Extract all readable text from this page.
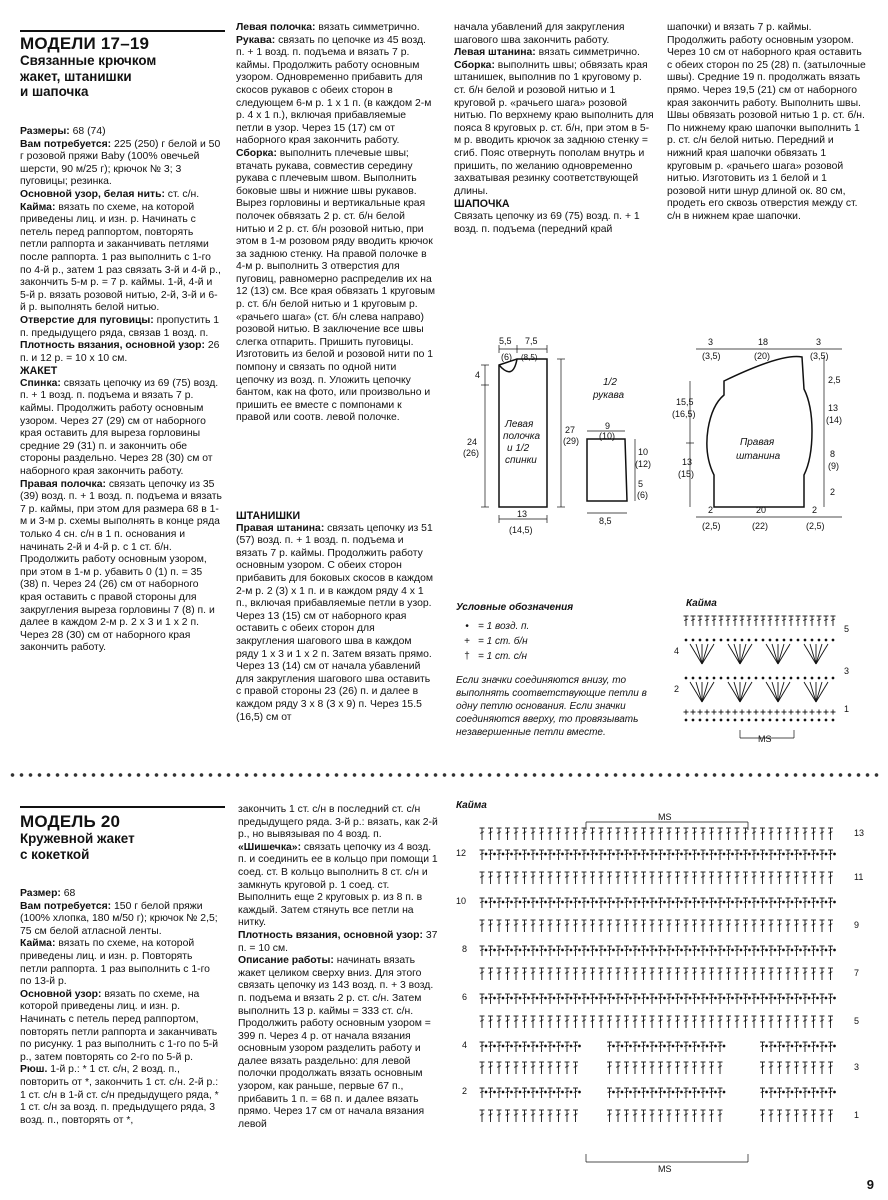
МОДЕЛИ 17–19
Связанные крючком
жакет, штанишки
и шапочка

Размеры: 68 (74)

Вам потребуется: 225 (250) г белой и 50 г розовой пряжи Baby (100% овечьей шерсти, 90 м/25 г); крючок № 3; 3 пуговицы; резинка.

Основной узор, белая нить: ст. с/н.

Кайма: вязать по схеме, на которой приведены лиц. и изн. р. Начинать с петель перед раппортом, повторять петли раппорта и заканчивать петлями после раппорта. 1 раз выполнить с 1-го по 4-й р., затем 1 раз связать 3-й и 4-й р., закончить 5-м р. = 7 р. каймы. 1-й, 4-й и 5-й р. вязать розовой нитью, 2-й, 3-й и 6-й р. выполнять белой нитью.

Отверстие для пуговицы: пропустить 1 п. предыдущего ряда, связав 1 возд. п.

Плотность вязания, основной узор: 26 п. и 12 р. = 10 х 10 см.

ЖАКЕТ

Спинка: связать цепочку из 69 (75) возд. п. + 1 возд. п. подъема и вязать 7 р. каймы. Продолжить работу основным узором. Через 27 (29) см от наборного края оставить для выреза горловины средние 29 (31) п. и закончить обе стороны раздельно. Через 28 (30) см от наборного края закончить работу.

Правая полочка: связать цепочку из 35 (39) возд. п. + 1 возд. п. подъема и вязать 7 р. каймы, при этом для размера 68 в 1-м и 3-м р. схемы выполнять в конце ряда только 4 сн. с/н в 1 п. основания и начинать 2-й и 4-й р. с 1 ст. б/н. Продолжить работу основным узором, при этом в 1-м р. убавить 0 (1) п. = 35 (38) п. Через 24 (26) см от наборного края оставить с правой стороны для закругления выреза горловины 7 (8) п. и далее в каждом 2-м р. 2 х 3 и 1 х 2 п. Через 28 (30) см от наборного края закончить работу.

Левая полочка: вязать симметрично.

Рукава: связать по цепочке из 45 возд. п. + 1 возд. п. подъема и вязать 7 р. каймы. Продолжить работу основным узором. Одновременно прибавить для скосов рукавов с обеих сторон в следующем 6-м р. 1 х 1 п. (в каждом 2-м р. 4 х 1 п.), включая прибавляемые петли в узор. Через 15 (17) см от наборного края закончить работу.

Сборка: выполнить плечевые швы; втачать рукава, совместив середину рукава с плечевым швом. Выполнить боковые швы и нижние швы рукавов. Вырез горловины и вертикальные края полочек обвязать 2 р. ст. б/н белой нитью и 2 р. ст. б/н розовой нитью, при этом в 1-м розовом ряду вводить крючок за заднюю стенку. На правой полочке в 4-м р. выполнить 3 отверстия для пуговиц, равномерно распределив их на 12 (13) см. Все края обвязать 1 круговым р. ст. б/н белой нитью и 1 круговым р. «рачьего шага» (ст. б/н слева направо) розовой нитью. В заключение все швы слегка отпарить. Пришить пуговицы. Изготовить из белой и розовой нити по 1 помпону и связать по одной нити цепочку из возд. п. Уложить цепочку бантом, как на фото, или произвольно и пришить ее вместе с помпонами к правой или соотв. левой полочке.

ШТАНИШКИ

Правая штанина: связать цепочку из 51 (57) возд. п. + 1 возд. п. подъема и вязать 7 р. каймы. Продолжить работу основным узором. С обеих сторон прибавить для боковых скосов в каждом 2-м р. 2 (3) х 1 п. и в каждом ряду 4 х 1 п., включая прибавляемые петли в узор. Через 13 (15) см от наборного края оставить с обеих сторон для закругления шагового шва в каждом ряду 1 х 3 и 1 х 2 п. Затем вязать прямо. Через 13 (14) см от начала убавлений для закругления шагового шва оставить с правой стороны 23 (26) п. и далее в каждом ряду 3 х 8 (3 х 9) п. Через 15.5 (16,5) см от

начала убавлений для закругления шагового шва закончить работу.

Левая штанина: вязать симметрично.

Сборка: выполнить швы; обвязать края штанишек, выполнив по 1 круговому р. ст. б/н белой и розовой нитью и 1 круговой р. «рачьего шага» розовой нитью. По верхнему краю выполнить для пояса 8 круговых р. ст. б/н, при этом в 5-м р. вводить крючок за заднюю стенку = сгиб. Пояс отвернуть пополам внутрь и пришить, по желанию одновременно захватывая резинку соответствующей длины.

ШАПОЧКА

Связать цепочку из 69 (75) возд. п. + 1 возд. п. подъема (передний край

шапочки) и вязать 7 р. каймы. Продолжить работу основным узором. Через 10 см от наборного края оставить с обеих сторон по 25 (28) п. (затылочные швы). Средние 19 п. продолжать вязать прямо. Через 19,5 (21) см от наборного края закончить работу. Выполнить швы. Швы обвязать розовой нитью 1 р. ст. б/н. По нижнему краю шапочки выполнить 1 р. ст. с/н белой нитью. Передний и нижний края шапочки обвязать 1 круговым р. «рачьего шага» розовой нитью. Изготовить из 1 белой и 1 розовой нити шнур длиной ок. 80 см, продеть его сквозь отверстия между ст. с/н в нижнем крае шапочки.

5,5
(6)
7,5
(8,5)
4
24
(26)
27
(29)
Левая
полочка
и 1/2
спинки
13
(14,5)
1/2
рукава
9
(10)
10
(12)
5
(6)
8,5
3
(3,5)
18
(20)
3
(3,5)
15,5
(16,5)
13
(15)
2,5
13
(14)
8
(9)
2
Правая
штанина
2
(2,5)
20
(22)
2
(2,5)
Условные обозначения
• = 1 возд. п.
+ = 1 ст. б/н
† = 1 ст. с/н
Если значки соединяются внизу, то выполнять соответствующие петли в одну петлю основания. Если значки соединяются вверху, то провязывать незавершенные петли вместе.
Кайма
5
3
1
4
2
MS
МОДЕЛЬ 20
Кружевной жакет
с кокеткой

Размер: 68

Вам потребуется: 150 г белой пряжи (100% хлопка, 180 м/50 г); крючок № 2,5; 75 см белой атласной ленты.

Кайма: вязать по схеме, на которой приведены лиц. и изн. р. Повторять петли раппорта. 1 раз выполнить с 1-го по 13-й р.

Основной узор: вязать по схеме, на которой приведены лиц. и изн. р. Начинать с петель перед раппортом, повторять петли раппорта и заканчивать по рисунку. 1 раз выполнить с 1-го по 5-й р., затем повторять со 2-го по 5-й р.

Рюш. 1-й р.: * 1 ст. с/н, 2 возд. п., повторить от *, закончить 1 ст. с/н. 2-й р.: 1 ст. с/н в 1-й ст. с/н предыдущего ряда, * 1 ст. с/н за возд. п. предыдущего ряда, 3 возд. п., повторять от *,

закончить 1 ст. с/н в последний ст. с/н предыдущего ряда. 3-й р.: вязать, как 2-й р., но вывязывая по 4 возд. п.

«Шишечка»: связать цепочку из 4 возд. п. и соединить ее в кольцо при помощи 1 соед. ст. В кольцо выполнить 8 ст. с/н и замкнуть круговой р. 1 соед. ст. Выполнить еще 2 круговых р. из 8 п. в каждый. Затем стянуть все петли на нитку.

Плотность вязания, основной узор: 37 п. = 10 см.

Описание работы: начинать вязать жакет целиком сверху вниз. Для этого связать цепочку из 143 возд. п. + 3 возд. п. подъема и вязать 2 р. ст. с/н. Затем выполнить 13 р. каймы = 333 ст. с/н. Продолжить работу основным узором = 399 п. Через 4 р. от начала вязания основным узором разделить работу и далее вязать раздельно: для левой полочки продолжать вязать основным узором, как раньше, первые 67 п., прибавить 1 п. = 68 п. и далее вязать прямо. Через 17 см от начала вязания левой

Кайма
MS
MS
13
11
9
7
5
3
1
12
10
8
6
4
2
9
